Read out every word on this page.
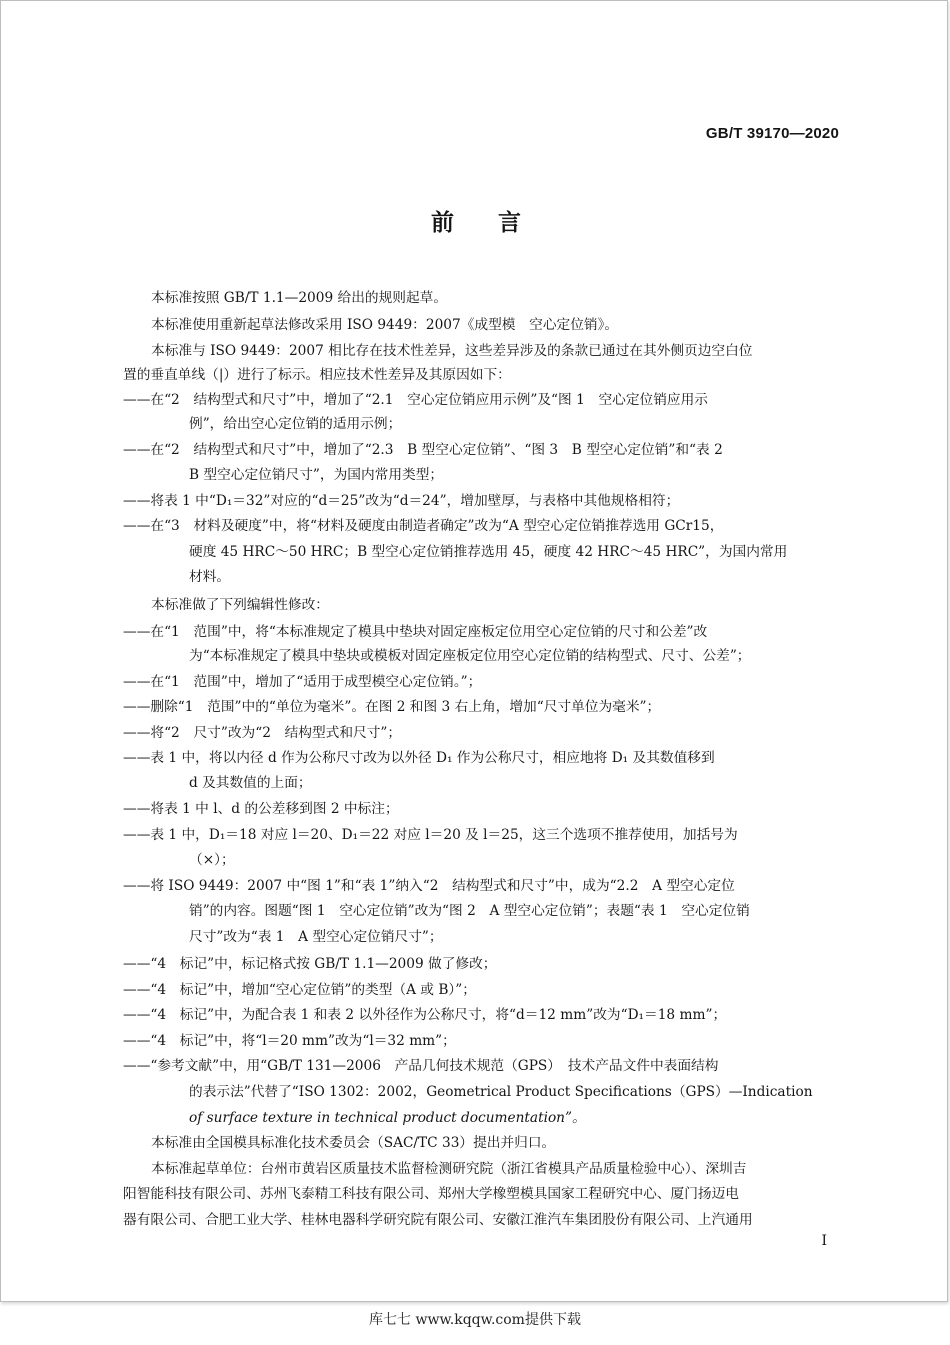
GB/T 39170—2020
前言
本标准按照 GB/T 1.1—2009 给出的规则起草。
本标准使用重新起草法修改采用 ISO 9449：2007《成型模　空心定位销》。
本标准与 ISO 9449：2007 相比存在技术性差异，这些差异涉及的条款已通过在其外侧页边空白位
置的垂直单线（|）进行了标示。相应技术性差异及其原因如下：
——在“2　结构型式和尺寸”中，增加了“2.1　空心定位销应用示例”及“图 1　空心定位销应用示
例”，给出空心定位销的适用示例；
——在“2　结构型式和尺寸”中，增加了“2.3　B 型空心定位销”、“图 3　B 型空心定位销”和“表 2
B 型空心定位销尺寸”，为国内常用类型；
——将表 1 中“D₁＝32”对应的“d＝25”改为“d＝24”，增加壁厚，与表格中其他规格相符；
——在“3　材料及硬度”中，将“材料及硬度由制造者确定”改为“A 型空心定位销推荐选用 GCr15，
硬度 45 HRC～50 HRC；B 型空心定位销推荐选用 45，硬度 42 HRC～45 HRC”，为国内常用
材料。
本标准做了下列编辑性修改：
——在“1　范围”中，将“本标准规定了模具中垫块对固定座板定位用空心定位销的尺寸和公差”改
为“本标准规定了模具中垫块或模板对固定座板定位用空心定位销的结构型式、尺寸、公差”；
——在“1　范围”中，增加了“适用于成型模空心定位销。”；
——删除“1　范围”中的“单位为毫米”。在图 2 和图 3 右上角，增加“尺寸单位为毫米”；
——将“2　尺寸”改为“2　结构型式和尺寸”；
——表 1 中，将以内径 d 作为公称尺寸改为以外径 D₁ 作为公称尺寸，相应地将 D₁ 及其数值移到
d 及其数值的上面；
——将表 1 中 l、d 的公差移到图 2 中标注；
——表 1 中，D₁＝18 对应 l＝20、D₁＝22 对应 l＝20 及 l＝25，这三个选项不推荐使用，加括号为
（×）；
——将 ISO 9449：2007 中“图 1”和“表 1”纳入“2　结构型式和尺寸”中，成为“2.2　A 型空心定位
销”的内容。图题“图 1　空心定位销”改为“图 2　A 型空心定位销”；表题“表 1　空心定位销
尺寸”改为“表 1　A 型空心定位销尺寸”；
——“4　标记”中，标记格式按 GB/T 1.1—2009 做了修改；
——“4　标记”中，增加“空心定位销”的类型（A 或 B）”；
——“4　标记”中，为配合表 1 和表 2 以外径作为公称尺寸，将“d＝12 mm”改为“D₁＝18 mm”；
——“4　标记”中，将“l＝20 mm”改为“l＝32 mm”；
——“参考文献”中，用“GB/T 131—2006　产品几何技术规范（GPS）　技术产品文件中表面结构
的表示法”代替了“ISO 1302：2002，Geometrical Product Specifications（GPS）—Indication
of surface texture in technical product documentation”。
本标准由全国模具标准化技术委员会（SAC/TC 33）提出并归口。
本标准起草单位：台州市黄岩区质量技术监督检测研究院（浙江省模具产品质量检验中心）、深圳吉
阳智能科技有限公司、苏州飞泰精工科技有限公司、郑州大学橡塑模具国家工程研究中心、厦门扬迈电
器有限公司、合肥工业大学、桂林电器科学研究院有限公司、安徽江淮汽车集团股份有限公司、上汽通用
I
库七七 www.kqqw.com提供下载
